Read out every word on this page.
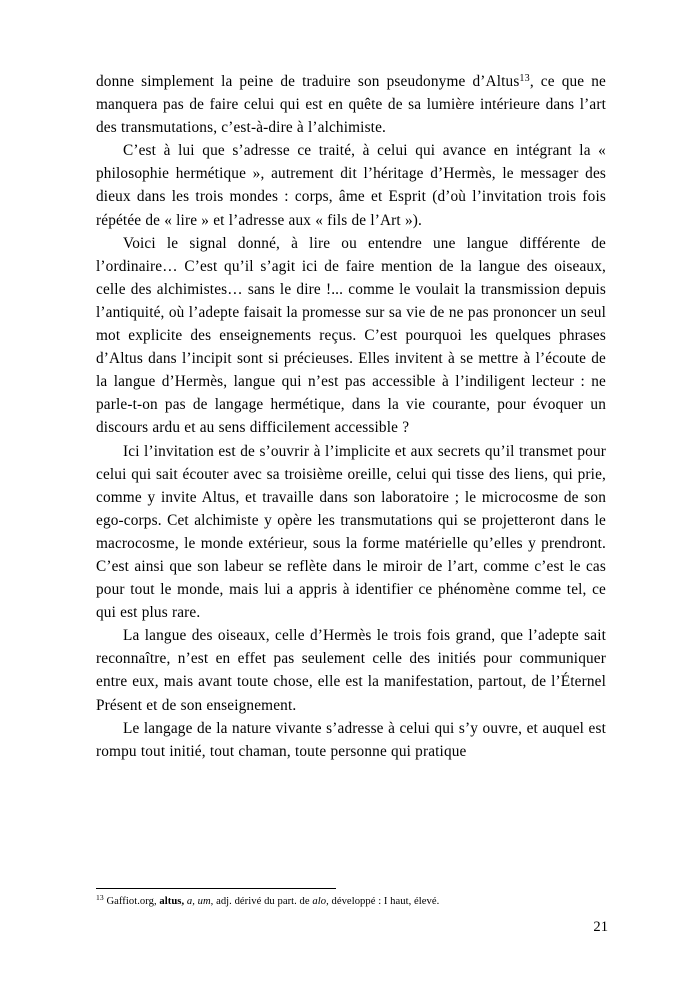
donne simplement la peine de traduire son pseudonyme d’Altus$^{13}$, ce que ne manquera pas de faire celui qui est en quête de sa lumière intérieure dans l’art des transmutations, c’est-à-dire à l’alchimiste.

C’est à lui que s’adresse ce traité, à celui qui avance en intégrant la « philosophie hermétique », autrement dit l’héritage d’Hermès, le messager des dieux dans les trois mondes : corps, âme et Esprit (d’où l’invitation trois fois répétée de « lire » et l’adresse aux « fils de l’Art »).

Voici le signal donné, à lire ou entendre une langue différente de l’ordinaire… C’est qu’il s’agit ici de faire mention de la langue des oiseaux, celle des alchimistes… sans le dire !... comme le voulait la transmission depuis l’antiquité, où l’adepte faisait la promesse sur sa vie de ne pas prononcer un seul mot explicite des enseignements reçus. C’est pourquoi les quelques phrases d’Altus dans l’incipit sont si précieuses. Elles invitent à se mettre à l’écoute de la langue d’Hermès, langue qui n’est pas accessible à l’indiligent lecteur : ne parle-t-on pas de langage hermétique, dans la vie courante, pour évoquer un discours ardu et au sens difficilement accessible ?

Ici l’invitation est de s’ouvrir à l’implicite et aux secrets qu’il transmet pour celui qui sait écouter avec sa troisième oreille, celui qui tisse des liens, qui prie, comme y invite Altus, et travaille dans son laboratoire ; le microcosme de son ego-corps. Cet alchimiste y opère les transmutations qui se projetteront dans le macrocosme, le monde extérieur, sous la forme matérielle qu’elles y prendront. C’est ainsi que son labeur se reflète dans le miroir de l’art, comme c’est le cas pour tout le monde, mais lui a appris à identifier ce phénomène comme tel, ce qui est plus rare.

La langue des oiseaux, celle d’Hermès le trois fois grand, que l’adepte sait reconnaître, n’est en effet pas seulement celle des initiés pour communiquer entre eux, mais avant toute chose, elle est la manifestation, partout, de l’Éternel Présent et de son enseignement.

Le langage de la nature vivante s’adresse à celui qui s’y ouvre, et auquel est rompu tout initié, tout chaman, toute personne qui pratique

$^{13}$ Gaffiot.org, altus, a, um, adj. dérivé du part. de alo, développé : I haut, élevé.

21
